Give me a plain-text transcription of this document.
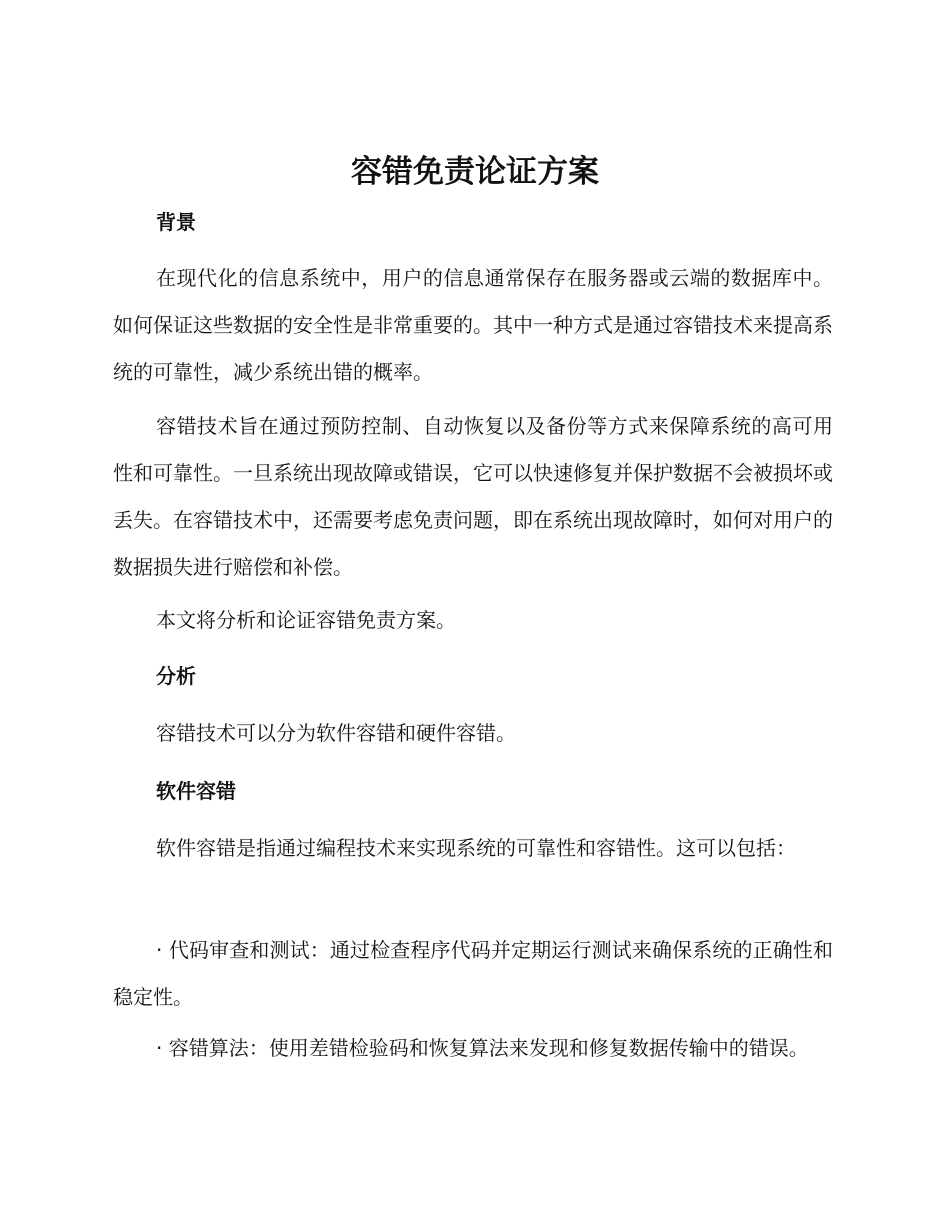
容错免责论证方案
背景

在现代化的信息系统中，用户的信息通常保存在服务器或云端的数据库中。如何保证这些数据的安全性是非常重要的。其中一种方式是通过容错技术来提高系统的可靠性，减少系统出错的概率。

容错技术旨在通过预防控制、自动恢复以及备份等方式来保障系统的高可用性和可靠性。一旦系统出现故障或错误，它可以快速修复并保护数据不会被损坏或丢失。在容错技术中，还需要考虑免责问题，即在系统出现故障时，如何对用户的数据损失进行赔偿和补偿。

本文将分析和论证容错免责方案。

分析

容错技术可以分为软件容错和硬件容错。

软件容错

软件容错是指通过编程技术来实现系统的可靠性和容错性。这可以包括：

· 代码审查和测试：通过检查程序代码并定期运行测试来确保系统的正确性和稳定性。

· 容错算法：使用差错检验码和恢复算法来发现和修复数据传输中的错误。
